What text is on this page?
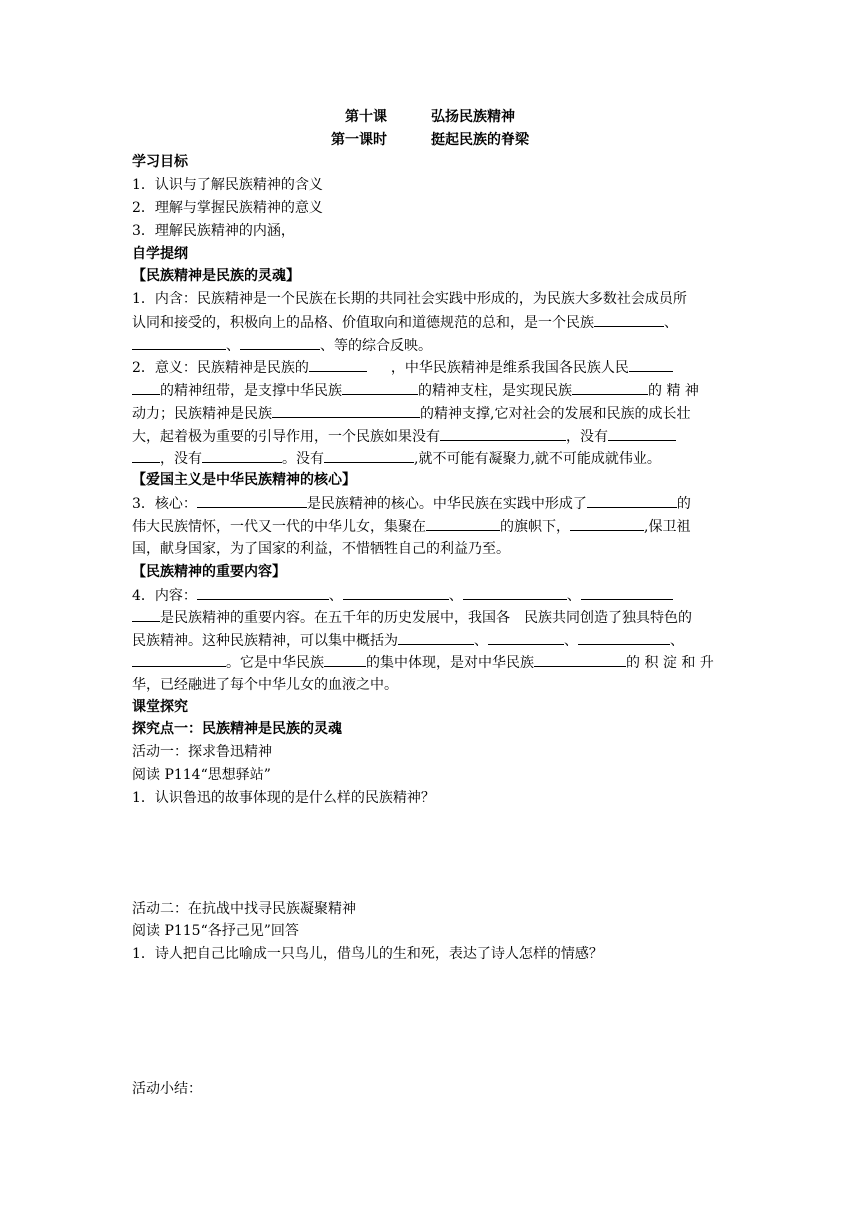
第十课	弘扬民族精神
第一课时	挺起民族的脊梁
学习目标
1．认识与了解民族精神的含义
2．理解与掌握民族精神的意义
3．理解民族精神的内涵，
自学提纲
【民族精神是民族的灵魂】
1．内含：民族精神是一个民族在长期的共同社会实践中形成的，为民族大多数社会成员所
认同和接受的，积极向上的品格、价值取向和道德规范的总和，是一个民族	、
、	、等的综合反映。
2．意义：民族精神是民族的	，中华民族精神是维系我国各民族人民
的精神纽带，是支撑中华民族	的精神支柱，是实现民族	的 精 神
动力；民族精神是民族	的精神支撑,它对社会的发展和民族的成长壮
大，起着极为重要的引导作用，一个民族如果没有	，没有
，没有	。没有	,就不可能有凝聚力,就不可能成就伟业。
【爱国主义是中华民族精神的核心】
3．核心：	是民族精神的核心。中华民族在实践中形成了	的
伟大民族情怀，一代又一代的中华儿女，集聚在	的旗帜下，	,保卫祖
国，献身国家，为了国家的利益，不惜牺牲自己的利益乃至。
【民族精神的重要内容】
4．内容：	、	、	、
是民族精神的重要内容。在五千年的历史发展中，我国各　民族共同创造了独具特色的
民族精神。这种民族精神，可以集中概括为	、	、	、
。它是中华民族	的集中体现，是对中华民族	的 积 淀 和 升
华，已经融进了每个中华儿女的血液之中。
课堂探究
探究点一：民族精神是民族的灵魂
活动一：探求鲁迅精神
阅读 P114“思想驿站”
1．认识鲁迅的故事体现的是什么样的民族精神？
活动二：在抗战中找寻民族凝聚精神
阅读 P115“各抒己见”回答
1．诗人把自己比喻成一只鸟儿，借鸟儿的生和死，表达了诗人怎样的情感？
活动小结：
